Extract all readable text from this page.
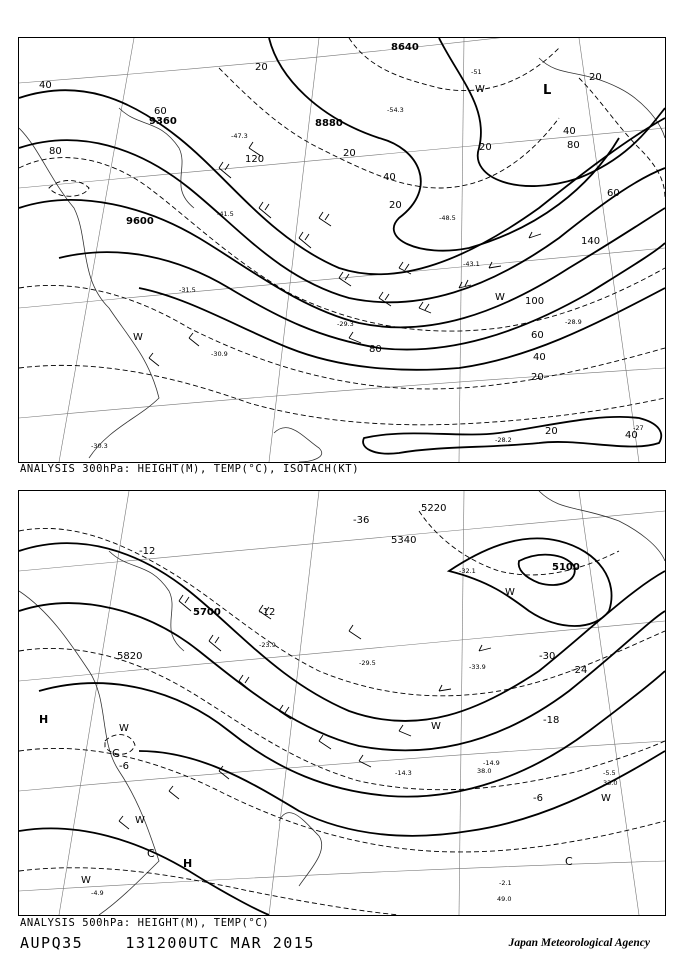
8640
9360
9600
8880
120
140
100
80
80
80
60
60
60
40
40
40
40
40
20
20
20
20
20
20
20
W
W
W
L
-54.3
-51
-47.3
-41.5
-31.5
-30.9
-29.3	-28.9
-30.3
-28.2
-27
-43.1
-48.5
ANALYSIS 300hPa: HEIGHT(M), TEMP(°C), ISOTACH(KT)
5700
5820
5100
5340
5220
-36
-30
-24
-18
-12
-6
-6
-12
H
H
C
C
C
W
W
W
W
W
W
-14.9
-5.5
-2.1
-4.9
-29.5
-23.9
-32.1
-33.9
38.0
49.0
33.0
-14.3
ANALYSIS 500hPa: HEIGHT(M), TEMP(°C)
AUPQ35	131200UTC MAR 2015	Japan Meteorological Agency
